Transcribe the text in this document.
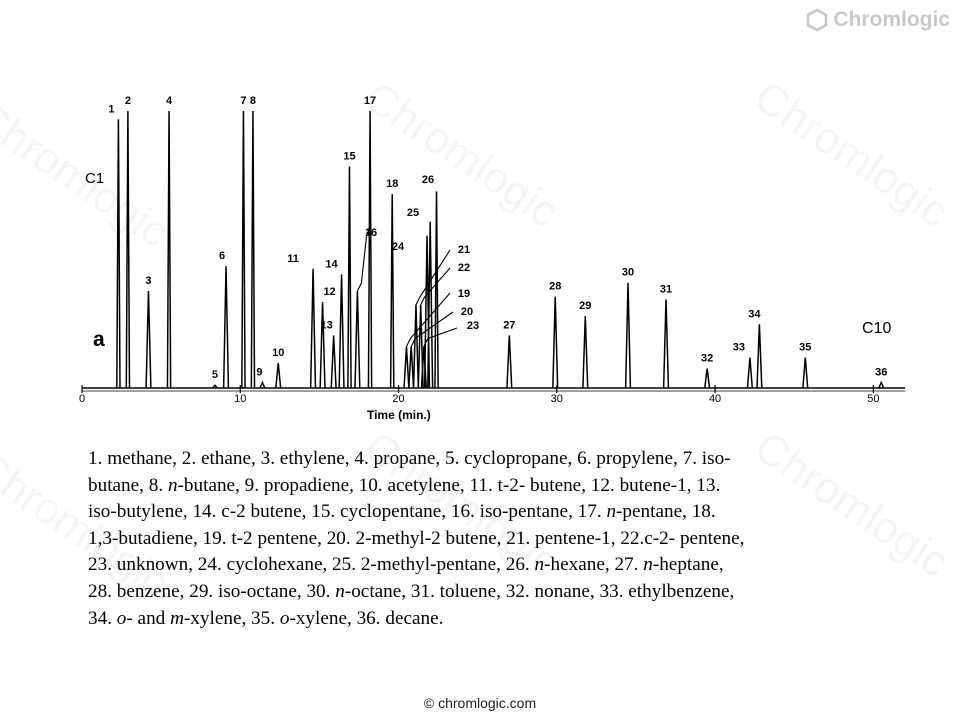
Chromlogic
0	10	20	30	40	50
Time (min.)
C1
C10
a
1
2
3
4
5
6
7 8
9
10
11
12
13
14
15
16
17
18
19
20
21
22
23
24
25
26
27
28
29
30
31
32
33
34
35
36
1. methane, 2. ethane, 3. ethylene, 4. propane, 5. cyclopropane, 6. propylene, 7. iso-
butane, 8. n-butane, 9. propadiene, 10. acetylene, 11. t-2- butene, 12. butene-1, 13.
iso-butylene, 14. c-2 butene, 15. cyclopentane, 16. iso-pentane, 17. n-pentane, 18.
1,3-butadiene, 19. t-2 pentene, 20. 2-methyl-2 butene, 21. pentene-1, 22.c-2- pentene,
23. unknown, 24. cyclohexane, 25. 2-methyl-pentane, 26. n-hexane, 27. n-heptane,
28. benzene, 29. iso-octane, 30. n-octane, 31. toluene, 32. nonane, 33. ethylbenzene,
34. o- and m-xylene, 35. o-xylene, 36. decane.
© chromlogic.com
